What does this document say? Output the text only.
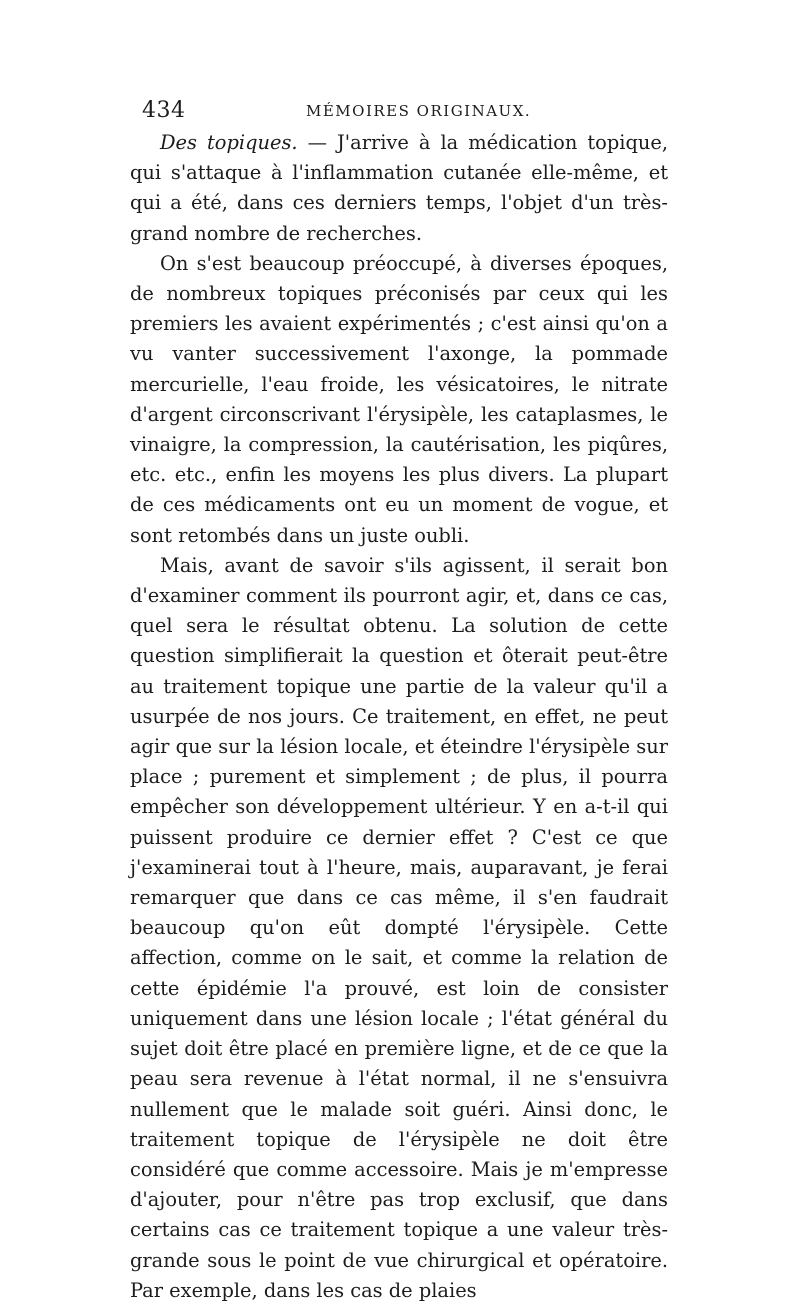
434	MÉMOIRES ORIGINAUX.

Des topiques. — J'arrive à la médication topique, qui s'attaque à l'inflammation cutanée elle-même, et qui a été, dans ces derniers temps, l'objet d'un très-grand nombre de recherches.

On s'est beaucoup préoccupé, à diverses époques, de nombreux topiques préconisés par ceux qui les premiers les avaient expérimentés ; c'est ainsi qu'on a vu vanter successivement l'axonge, la pommade mercurielle, l'eau froide, les vésicatoires, le nitrate d'argent circonscrivant l'érysipèle, les cataplasmes, le vinaigre, la compression, la cautérisation, les piqûres, etc. etc., enfin les moyens les plus divers. La plupart de ces médicaments ont eu un moment de vogue, et sont retombés dans un juste oubli.

Mais, avant de savoir s'ils agissent, il serait bon d'examiner comment ils pourront agir, et, dans ce cas, quel sera le résultat obtenu. La solution de cette question simplifierait la question et ôterait peut-être au traitement topique une partie de la valeur qu'il a usurpée de nos jours. Ce traitement, en effet, ne peut agir que sur la lésion locale, et éteindre l'érysipèle sur place ; purement et simplement ; de plus, il pourra empêcher son développement ultérieur. Y en a-t-il qui puissent produire ce dernier effet ? C'est ce que j'examinerai tout à l'heure, mais, auparavant, je ferai remarquer que dans ce cas même, il s'en faudrait beaucoup qu'on eût dompté l'érysipèle. Cette affection, comme on le sait, et comme la relation de cette épidémie l'a prouvé, est loin de consister uniquement dans une lésion locale ; l'état général du sujet doit être placé en première ligne, et de ce que la peau sera revenue à l'état normal, il ne s'ensuivra nullement que le malade soit guéri. Ainsi donc, le traitement topique de l'érysipèle ne doit être considéré que comme accessoire. Mais je m'empresse d'ajouter, pour n'être pas trop exclusif, que dans certains cas ce traitement topique a une valeur très-grande sous le point de vue chirurgical et opératoire. Par exemple, dans les cas de plaies
